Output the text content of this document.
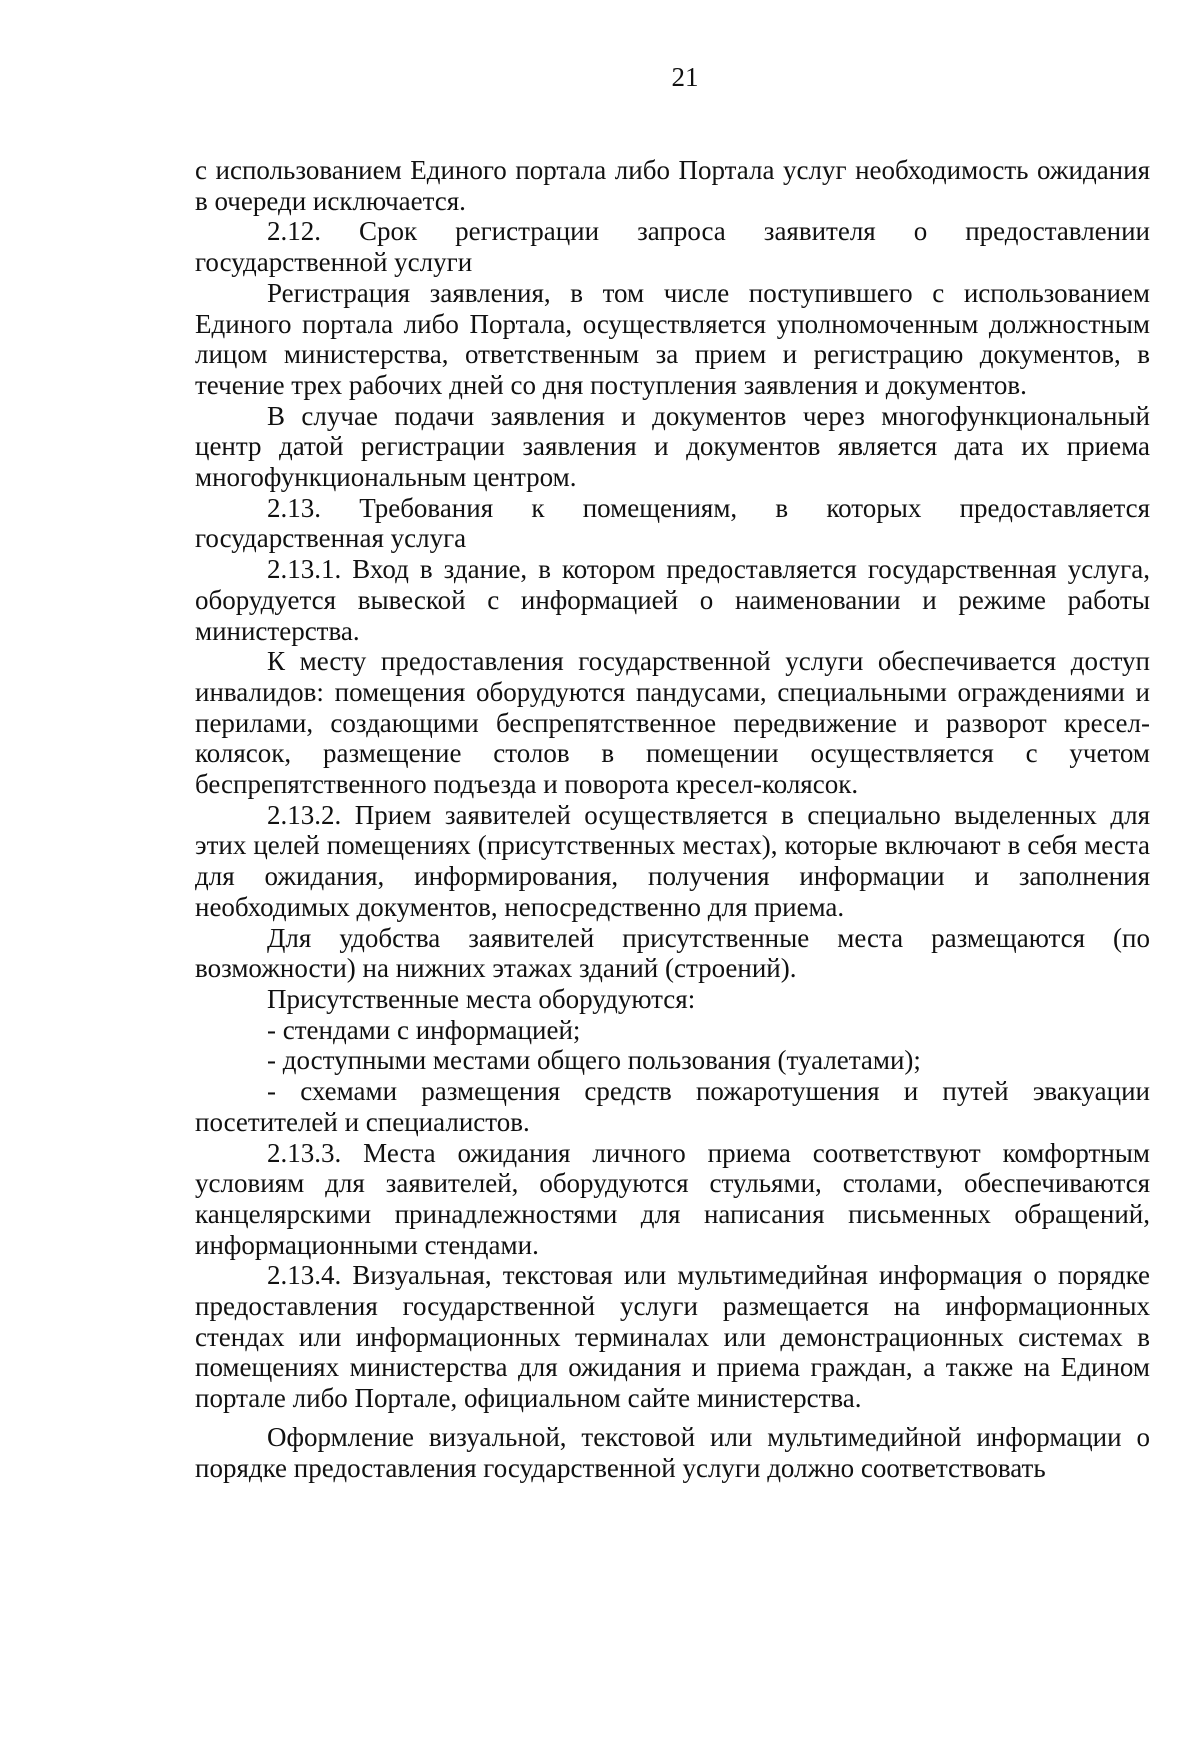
21

с использованием Единого портала либо Портала услуг необходимость ожидания в очереди исключается.

2.12. Срок регистрации запроса заявителя о предоставлении государственной услуги

Регистрация заявления, в том числе поступившего с использованием Единого портала либо Портала, осуществляется уполномоченным должностным лицом министерства, ответственным за прием и регистрацию документов, в течение трех рабочих дней со дня поступления заявления и документов.

В случае подачи заявления и документов через многофункциональный центр датой регистрации заявления и документов является дата их приема многофункциональным центром.

2.13. Требования к помещениям, в которых предоставляется государственная услуга

2.13.1. Вход в здание, в котором предоставляется государственная услуга, оборудуется вывеской с информацией о наименовании и режиме работы министерства.

К месту предоставления государственной услуги обеспечивается доступ инвалидов: помещения оборудуются пандусами, специальными ограждениями и перилами, создающими беспрепятственное передвижение и разворот кресел-колясок, размещение столов в помещении осуществляется с учетом беспрепятственного подъезда и поворота кресел-колясок.

2.13.2. Прием заявителей осуществляется в специально выделенных для этих целей помещениях (присутственных местах), которые включают в себя места для ожидания, информирования, получения информации и заполнения необходимых документов, непосредственно для приема.

Для удобства заявителей присутственные места размещаются (по возможности) на нижних этажах зданий (строений).

Присутственные места оборудуются:

- стендами с информацией;

- доступными местами общего пользования (туалетами);

- схемами размещения средств пожаротушения и путей эвакуации посетителей и специалистов.

2.13.3. Места ожидания личного приема соответствуют комфортным условиям для заявителей, оборудуются стульями, столами, обеспечиваются канцелярскими принадлежностями для написания письменных обращений, информационными стендами.

2.13.4. Визуальная, текстовая или мультимедийная информация о порядке предоставления государственной услуги размещается на информационных стендах или информационных терминалах или демонстрационных системах в помещениях министерства для ожидания и приема граждан, а также на Едином портале либо Портале, официальном сайте министерства.

Оформление визуальной, текстовой или мультимедийной информации о порядке предоставления государственной услуги должно соответствовать
